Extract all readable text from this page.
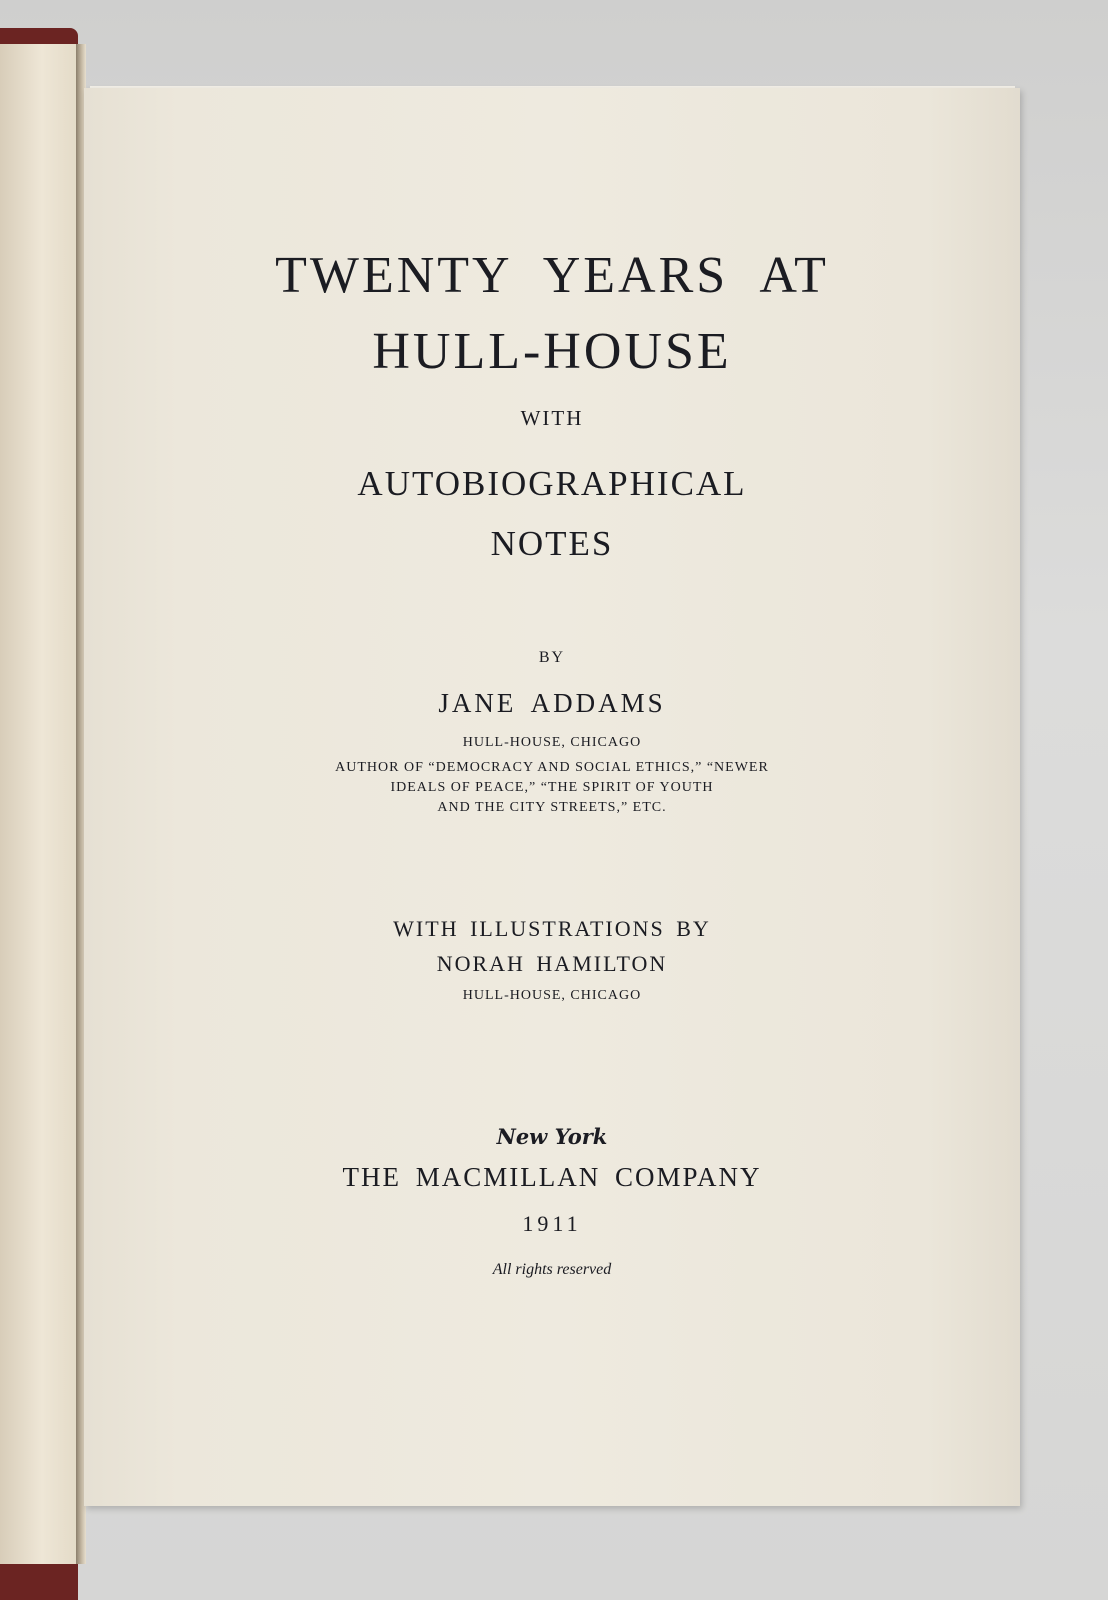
TWENTY YEARS AT
HULL-HOUSE
WITH
AUTOBIOGRAPHICAL
NOTES
BY
JANE ADDAMS
HULL-HOUSE, CHICAGO
AUTHOR OF “DEMOCRACY AND SOCIAL ETHICS,” “NEWER
IDEALS OF PEACE,” “THE SPIRIT OF YOUTH
AND THE CITY STREETS,” ETC.
WITH ILLUSTRATIONS BY
NORAH HAMILTON
HULL-HOUSE, CHICAGO
New York
THE MACMILLAN COMPANY
1911
All rights reserved
